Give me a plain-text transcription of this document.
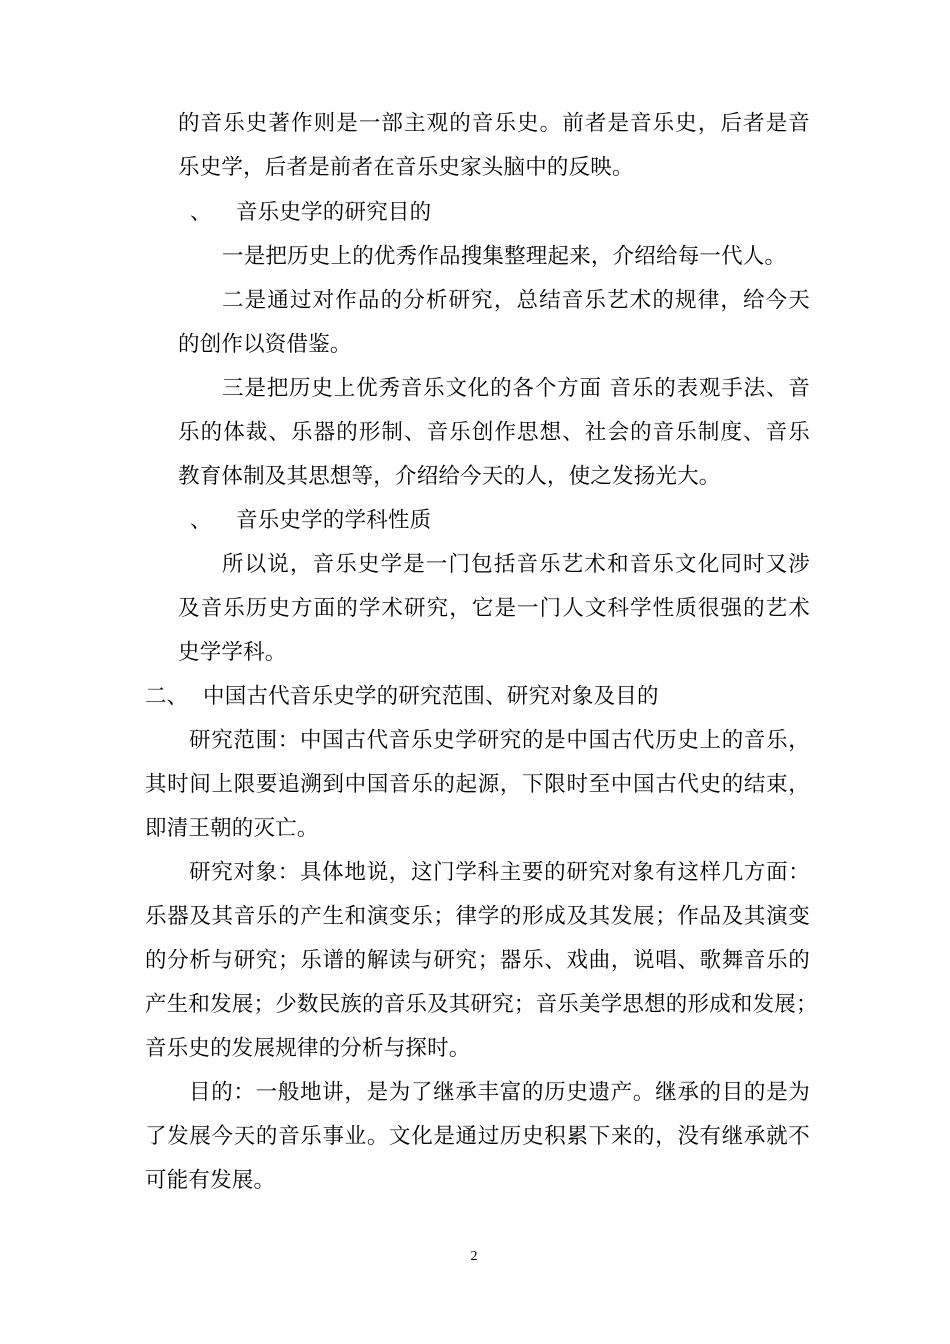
的音乐史著作则是一部主观的音乐史。前者是音乐史，后者是音
乐史学，后者是前者在音乐史家头脑中的反映。
、 音乐史学的研究目的
一是把历史上的优秀作品搜集整理起来，介绍给每一代人。
二是通过对作品的分析研究，总结音乐艺术的规律，给今天
的创作以资借鉴。
三是把历史上优秀音乐文化的各个方面 音乐的表观手法、音
乐的体裁、乐器的形制、音乐创作思想、社会的音乐制度、音乐
教育体制及其思想等，介绍给今天的人，使之发扬光大。
、 音乐史学的学科性质
所以说，音乐史学是一门包括音乐艺术和音乐文化同时又涉
及音乐历史方面的学术研究，它是一门人文科学性质很强的艺术
史学学科。
二、 中国古代音乐史学的研究范围、研究对象及目的
研究范围：中国古代音乐史学研究的是中国古代历史上的音乐，
其时间上限要追溯到中国音乐的起源，下限时至中国古代史的结束，
即清王朝的灭亡。
研究对象：具体地说，这门学科主要的研究对象有这样几方面：
乐器及其音乐的产生和演变乐；律学的形成及其发展；作品及其演变
的分析与研究；乐谱的解读与研究；器乐、戏曲，说唱、歌舞音乐的
产生和发展；少数民族的音乐及其研究；音乐美学思想的形成和发展；
音乐史的发展规律的分析与探时。
目的：一般地讲，是为了继承丰富的历史遗产。继承的目的是为
了发展今天的音乐事业。文化是通过历史积累下来的，没有继承就不
可能有发展。
2
